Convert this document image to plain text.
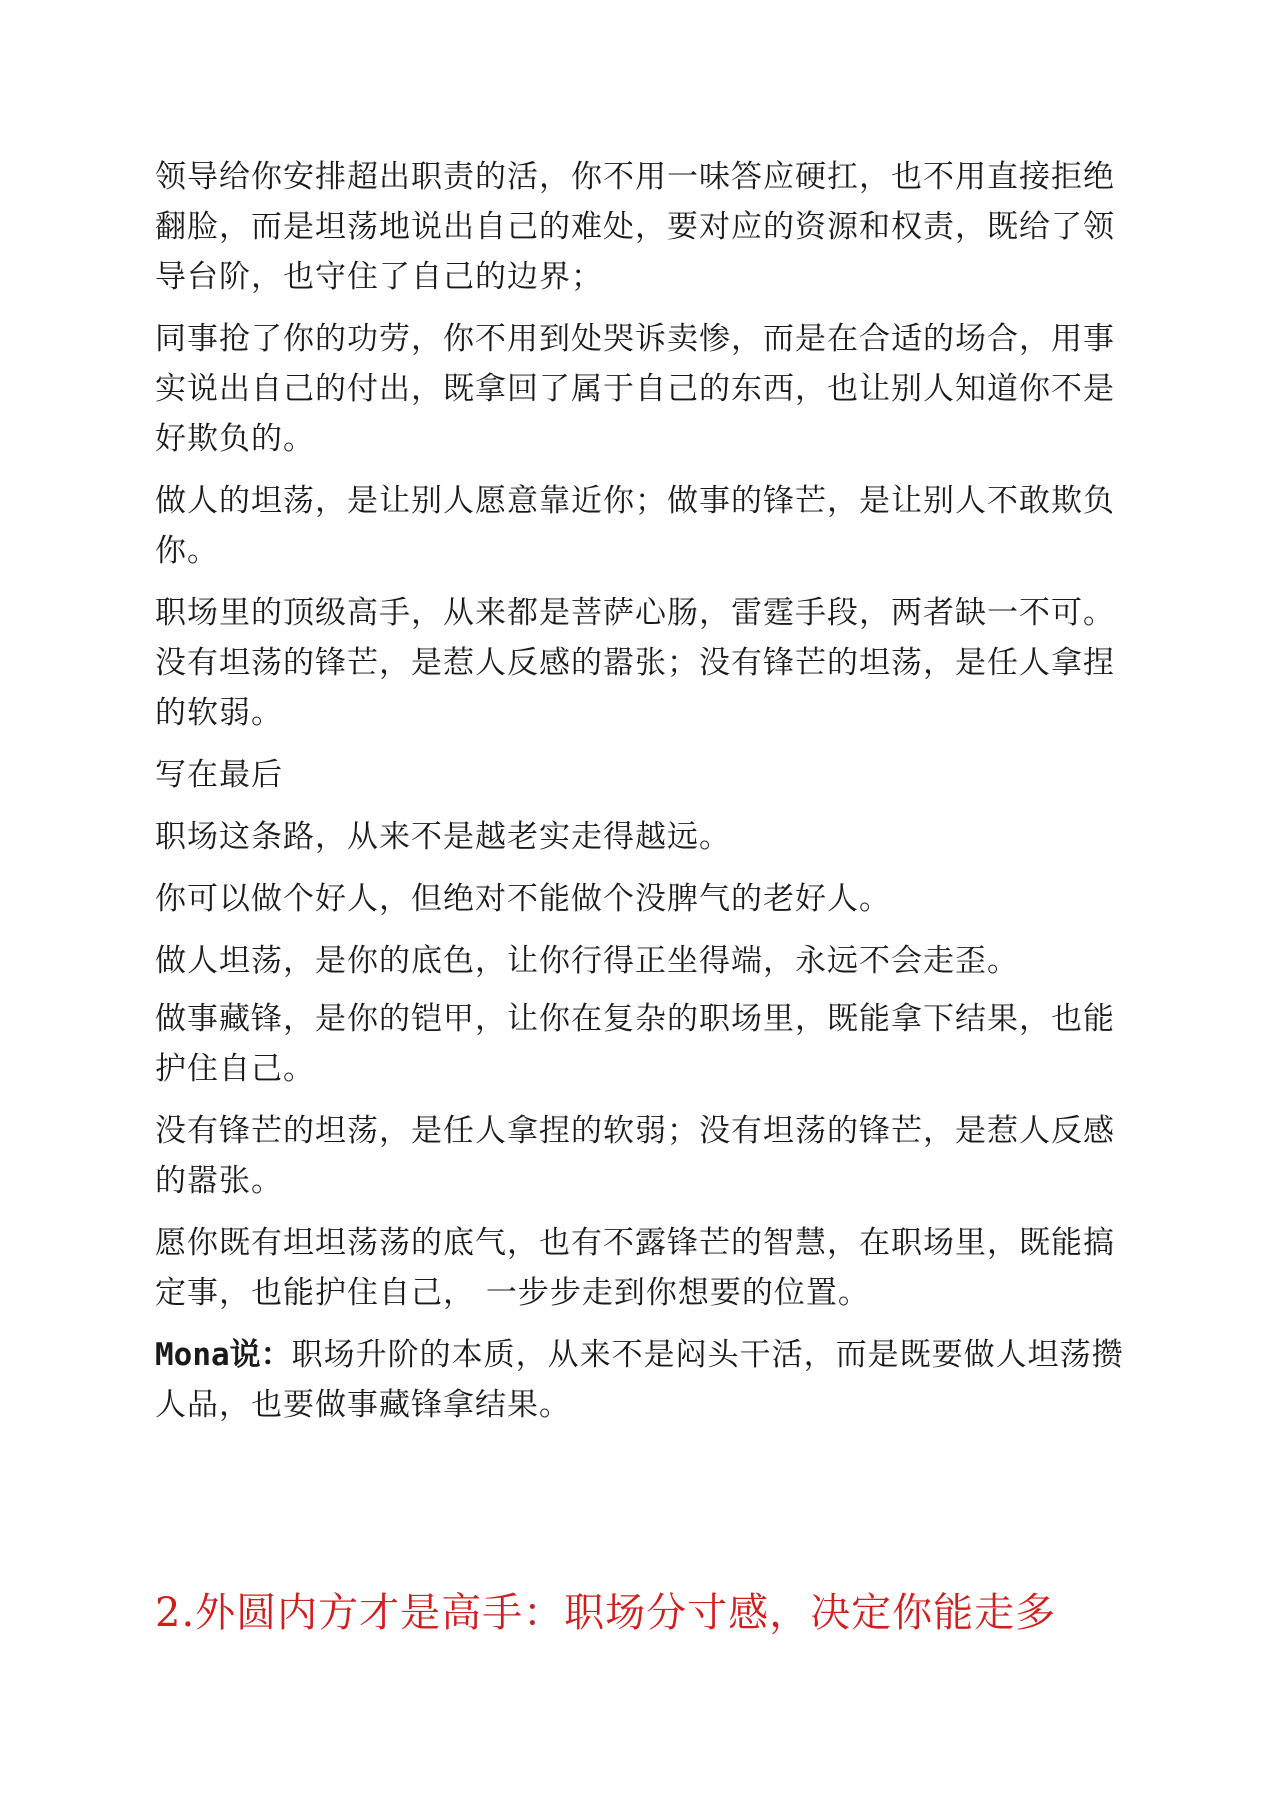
领导给你安排超出职责的活，你不用一味答应硬扛，也不用直接拒绝翻脸，而是坦荡地说出自己的难处，要对应的资源和权责，既给了领导台阶，也守住了自己的边界；

同事抢了你的功劳，你不用到处哭诉卖惨，而是在合适的场合，用事实说出自己的付出，既拿回了属于自己的东西，也让别人知道你不是好欺负的。

做人的坦荡，是让别人愿意靠近你；做事的锋芒，是让别人不敢欺负你。

职场里的顶级高手，从来都是菩萨心肠，雷霆手段，两者缺一不可。没有坦荡的锋芒，是惹人反感的嚣张；没有锋芒的坦荡，是任人拿捏的软弱。

写在最后

职场这条路，从来不是越老实走得越远。

你可以做个好人，但绝对不能做个没脾气的老好人。

做人坦荡，是你的底色，让你行得正坐得端，永远不会走歪。

做事藏锋，是你的铠甲，让你在复杂的职场里，既能拿下结果，也能护住自己。

没有锋芒的坦荡，是任人拿捏的软弱；没有坦荡的锋芒，是惹人反感的嚣张。

愿你既有坦坦荡荡的底气，也有不露锋芒的智慧，在职场里，既能搞定事，也能护住自己， 一步步走到你想要的位置。

Mona说：职场升阶的本质，从来不是闷头干活，而是既要做人坦荡攒人品，也要做事藏锋拿结果。

2.外圆内方才是高手：职场分寸感，决定你能走多
